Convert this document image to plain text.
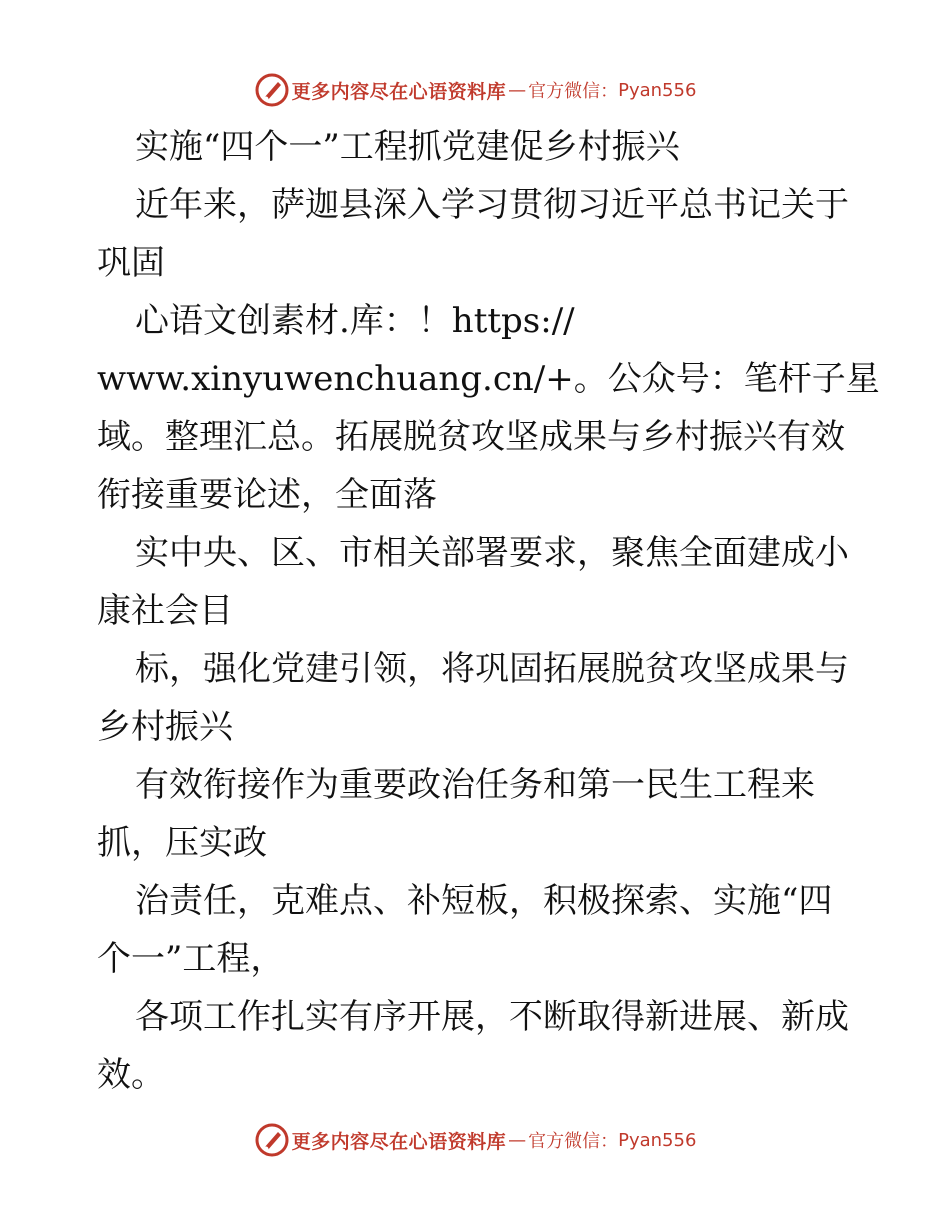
更多内容尽在心语资料库 — 官方微信： Pyan556
实施“四个一”工程抓党建促乡村振兴
近年来，萨迦县深入学习贯彻习近平总书记关于
巩固
心语文创素材.库：！https://
www.xinyuwenchuang.cn/+。公众号：笔杆子星
域。整理汇总。拓展脱贫攻坚成果与乡村振兴有效
衔接重要论述，全面落
实中央、区、市相关部署要求，聚焦全面建成小
康社会目
标，强化党建引领，将巩固拓展脱贫攻坚成果与
乡村振兴
有效衔接作为重要政治任务和第一民生工程来
抓，压实政
治责任，克难点、补短板，积极探索、实施“四
个一”工程，
各项工作扎实有序开展，不断取得新进展、新成
效。
更多内容尽在心语资料库 — 官方微信： Pyan556
